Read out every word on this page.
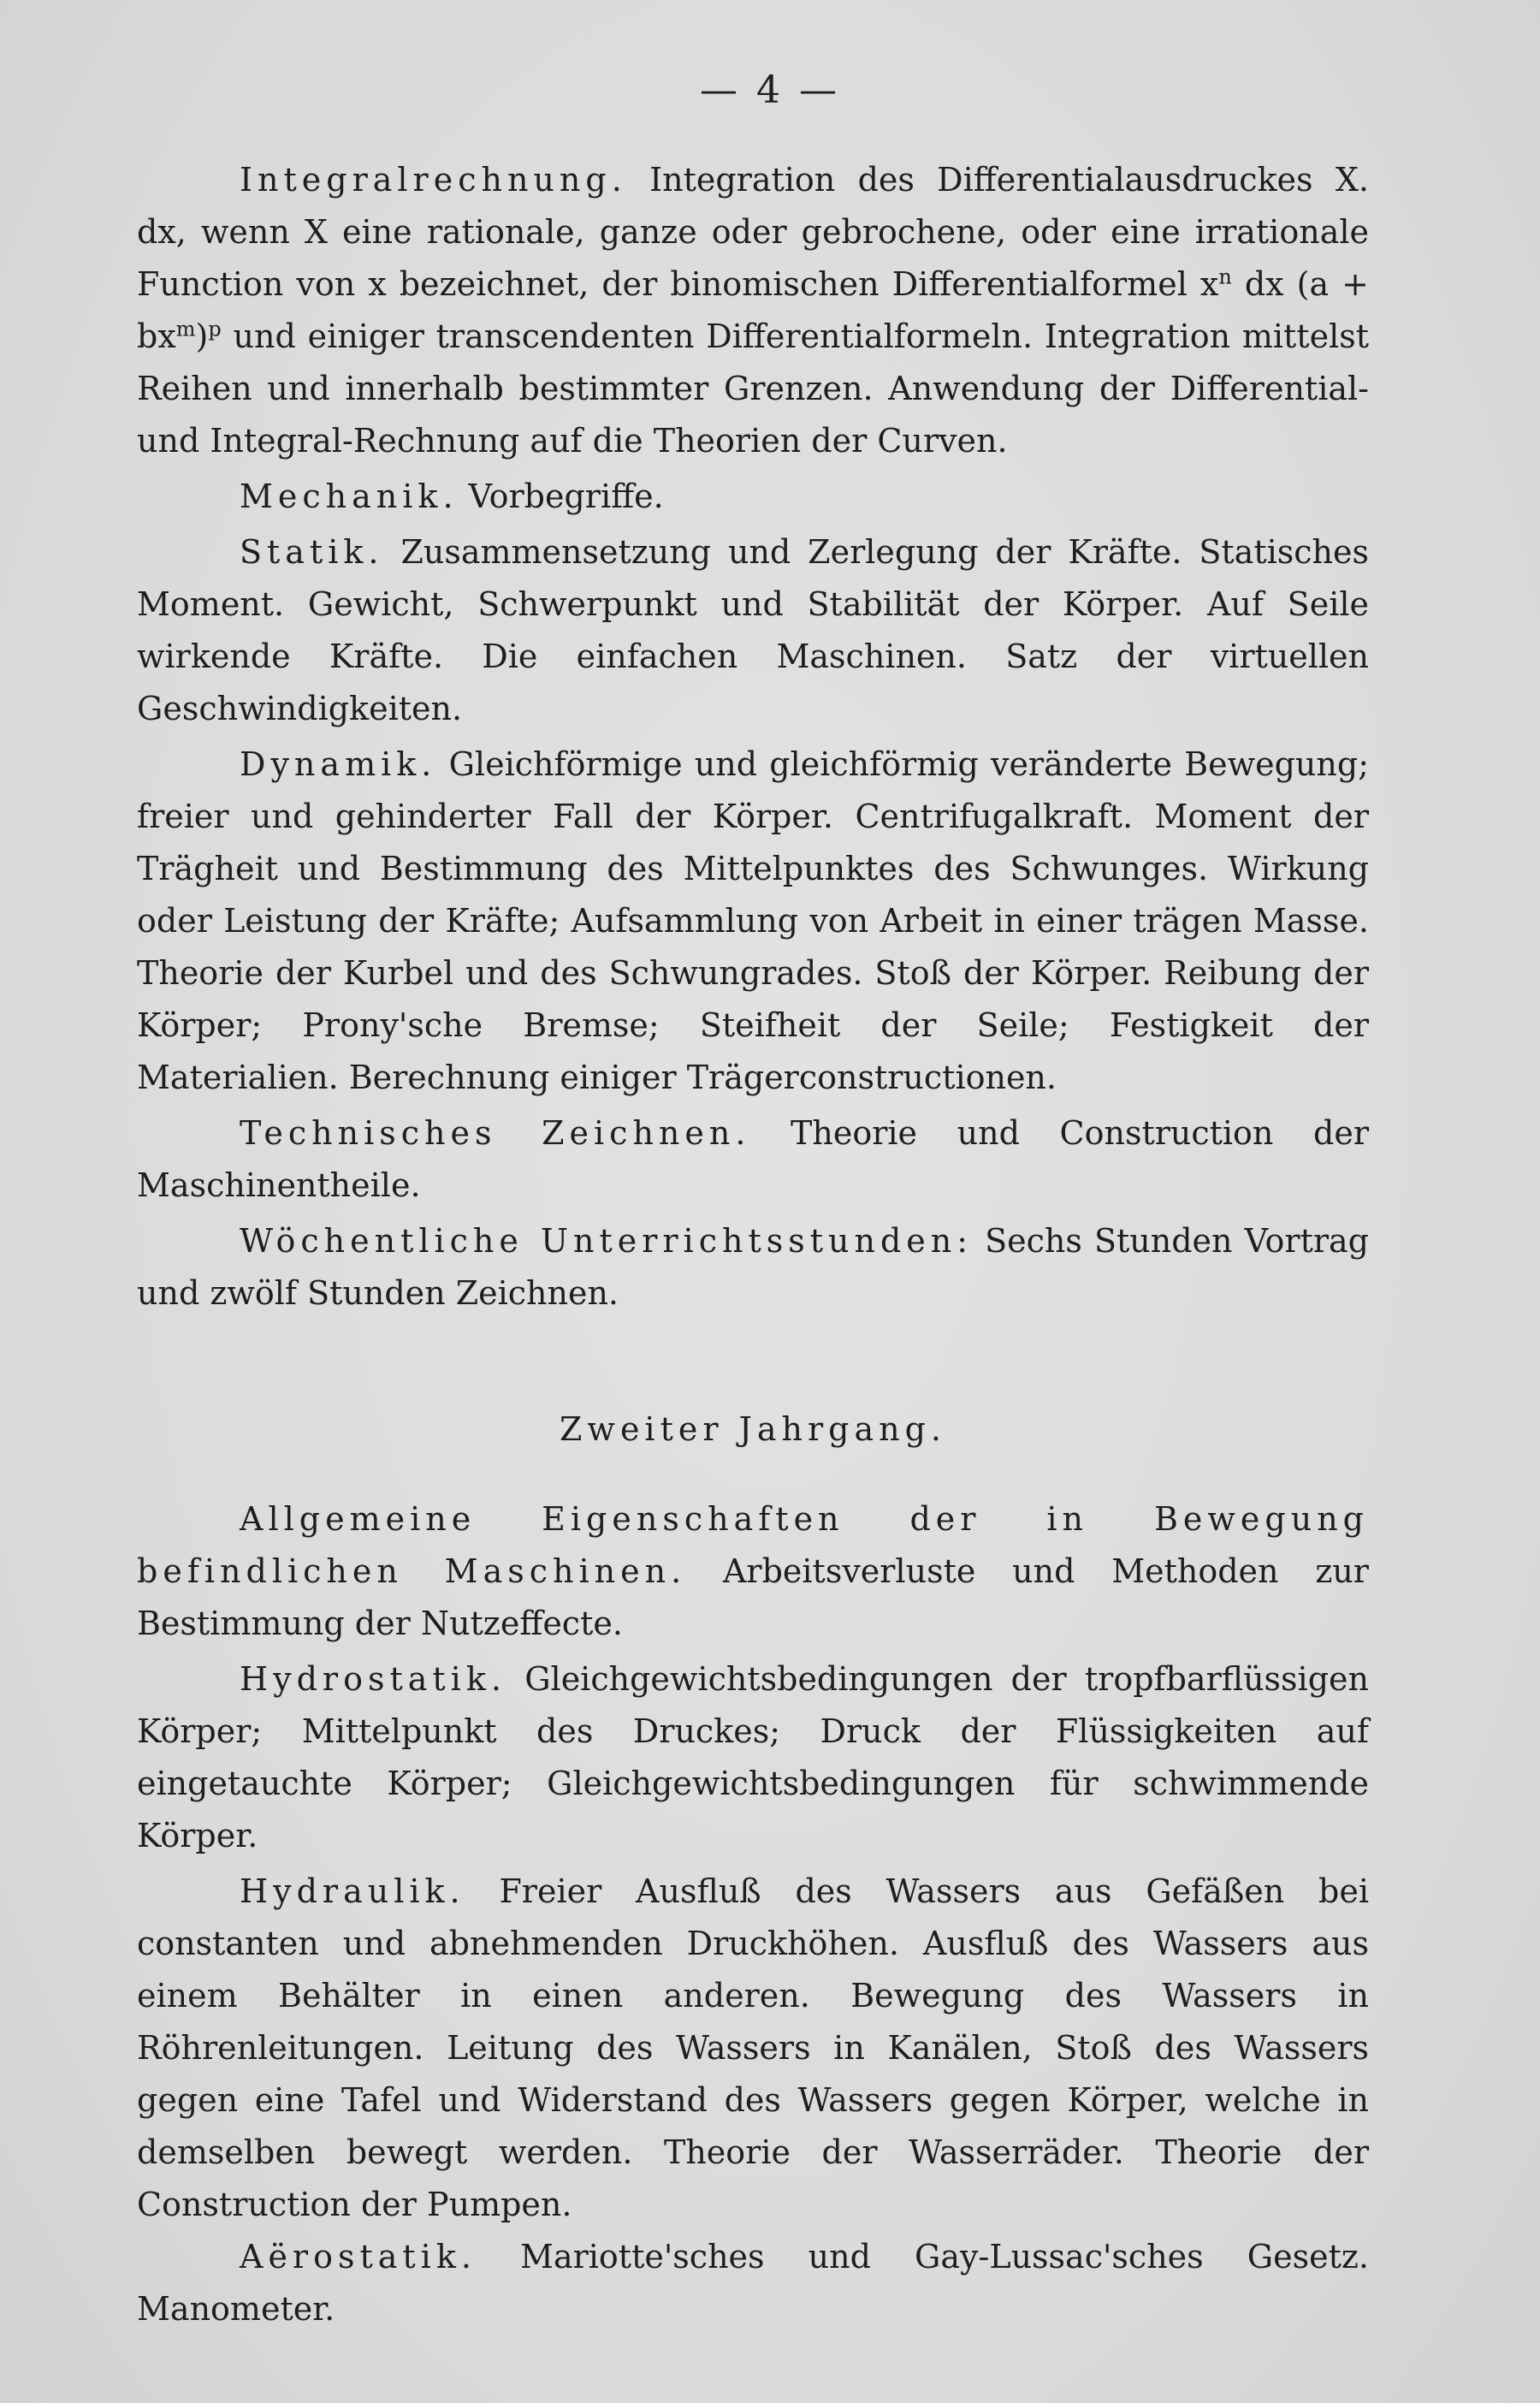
— 4 —

Integralrechnung. Integration des Differentialausdruckes X. dx, wenn X eine rationale, ganze oder gebrochene, oder eine irrationale Function von x bezeichnet, der binomischen Differentialformel $x^n$ dx $(a + bx^m)^p$ und einiger transcendenten Differentialformeln. Integration mittelst Reihen und innerhalb bestimmter Grenzen. Anwendung der Differential- und Integral-Rechnung auf die Theorien der Curven.

Mechanik. Vorbegriffe.

Statik. Zusammensetzung und Zerlegung der Kräfte. Statisches Moment. Gewicht, Schwerpunkt und Stabilität der Körper. Auf Seile wirkende Kräfte. Die einfachen Maschinen. Satz der virtuellen Geschwindigkeiten.

Dynamik. Gleichförmige und gleichförmig veränderte Bewegung; freier und gehinderter Fall der Körper. Centrifugalkraft. Moment der Trägheit und Bestimmung des Mittelpunktes des Schwunges. Wirkung oder Leistung der Kräfte; Aufsammlung von Arbeit in einer trägen Masse. Theorie der Kurbel und des Schwungrades. Stoß der Körper. Reibung der Körper; Prony'sche Bremse; Steifheit der Seile; Festigkeit der Materialien. Berechnung einiger Trägerconstructionen.

Technisches Zeichnen. Theorie und Construction der Maschinentheile.

Wöchentliche Unterrichtsstunden: Sechs Stunden Vortrag und zwölf Stunden Zeichnen.

Zweiter Jahrgang.

Allgemeine Eigenschaften der in Bewegung befindlichen Maschinen. Arbeitsverluste und Methoden zur Bestimmung der Nutzeffecte.

Hydrostatik. Gleichgewichtsbedingungen der tropfbarflüssigen Körper; Mittelpunkt des Druckes; Druck der Flüssigkeiten auf eingetauchte Körper; Gleichgewichtsbedingungen für schwimmende Körper.

Hydraulik. Freier Ausfluß des Wassers aus Gefäßen bei constanten und abnehmenden Druckhöhen. Ausfluß des Wassers aus einem Behälter in einen anderen. Bewegung des Wassers in Röhrenleitungen. Leitung des Wassers in Kanälen, Stoß des Wassers gegen eine Tafel und Widerstand des Wassers gegen Körper, welche in demselben bewegt werden. Theorie der Wasserräder. Theorie der Construction der Pumpen.

Aërostatik. Mariotte'sches und Gay-Lussac'sches Gesetz. Manometer.
